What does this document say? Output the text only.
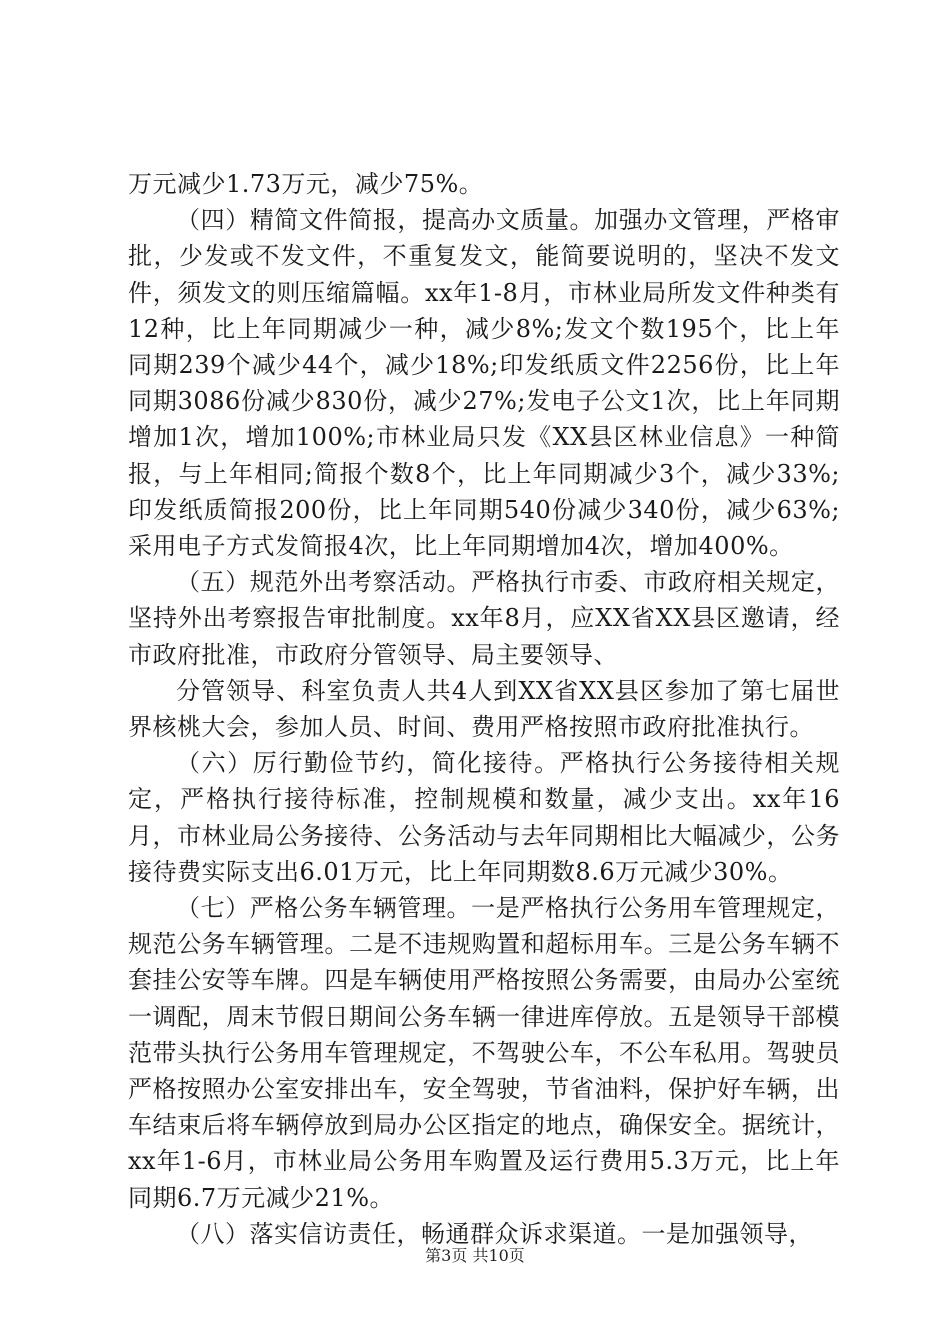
万元减少1.73万元，减少75%。

（四）精简文件简报，提高办文质量。加强办文管理，严格审批，少发或不发文件，不重复发文，能简要说明的，坚决不发文件，须发文的则压缩篇幅。xx年1-8月，市林业局所发文件种类有12种，比上年同期减少一种，减少8%;发文个数195个，比上年同期239个减少44个，减少18%;印发纸质文件2256份，比上年同期3086份减少830份，减少27%;发电子公文1次，比上年同期增加1次，增加100%;市林业局只发《XX县区林业信息》一种简报，与上年相同;简报个数8个，比上年同期减少3个，减少33%;印发纸质简报200份，比上年同期540份减少340份，减少63%;采用电子方式发简报4次，比上年同期增加4次，增加400%。

（五）规范外出考察活动。严格执行市委、市政府相关规定，坚持外出考察报告审批制度。xx年8月，应XX省XX县区邀请，经市政府批准，市政府分管领导、局主要领导、

分管领导、科室负责人共4人到XX省XX县区参加了第七届世界核桃大会，参加人员、时间、费用严格按照市政府批准执行。

（六）厉行勤俭节约，简化接待。严格执行公务接待相关规定，严格执行接待标准，控制规模和数量，减少支出。xx年16月，市林业局公务接待、公务活动与去年同期相比大幅减少，公务接待费实际支出6.01万元，比上年同期数8.6万元减少30%。

（七）严格公务车辆管理。一是严格执行公务用车管理规定，规范公务车辆管理。二是不违规购置和超标用车。三是公务车辆不套挂公安等车牌。四是车辆使用严格按照公务需要，由局办公室统一调配，周末节假日期间公务车辆一律进库停放。五是领导干部模范带头执行公务用车管理规定，不驾驶公车，不公车私用。驾驶员严格按照办公室安排出车，安全驾驶，节省油料，保护好车辆，出车结束后将车辆停放到局办公区指定的地点，确保安全。据统计，xx年1-6月，市林业局公务用车购置及运行费用5.3万元，比上年同期6.7万元减少21%。

（八）落实信访责任，畅通群众诉求渠道。一是加强领导，

第3页 共10页
